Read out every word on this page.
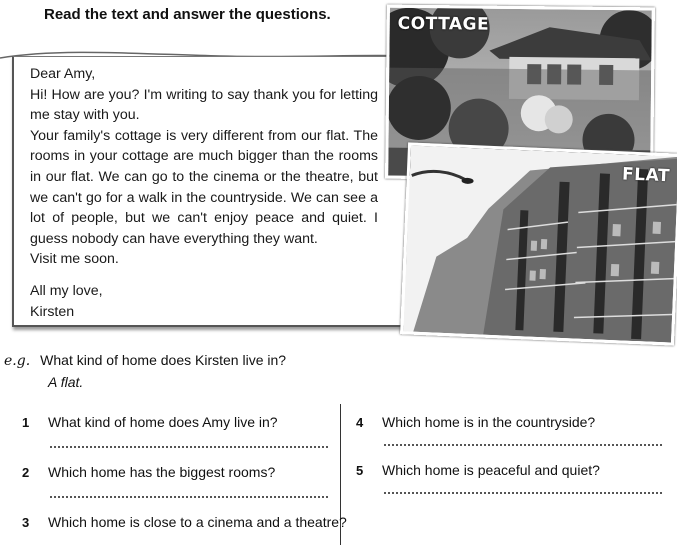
Read the text and answer the questions.

Dear Amy,

Hi! How are you? I'm writing to say thank you for letting me stay with you.

Your family's cottage is very different from our flat. The rooms in your cottage are much bigger than the rooms in our flat. We can go to the cinema or the theatre, but we can't go for a walk in the countryside. We can see a lot of people, but we can't enjoy peace and quiet. I guess nobody can have everything they want.

Visit me soon.

All my love,

Kirsten

COTTAGE
FLAT
e.g. What kind of home does Kirsten live in?
A flat.
1 What kind of home does Amy live in?
2 Which home has the biggest rooms?
3 Which home is close to a cinema and a theatre?
4 Which home is in the countryside?
5 Which home is peaceful and quiet?
